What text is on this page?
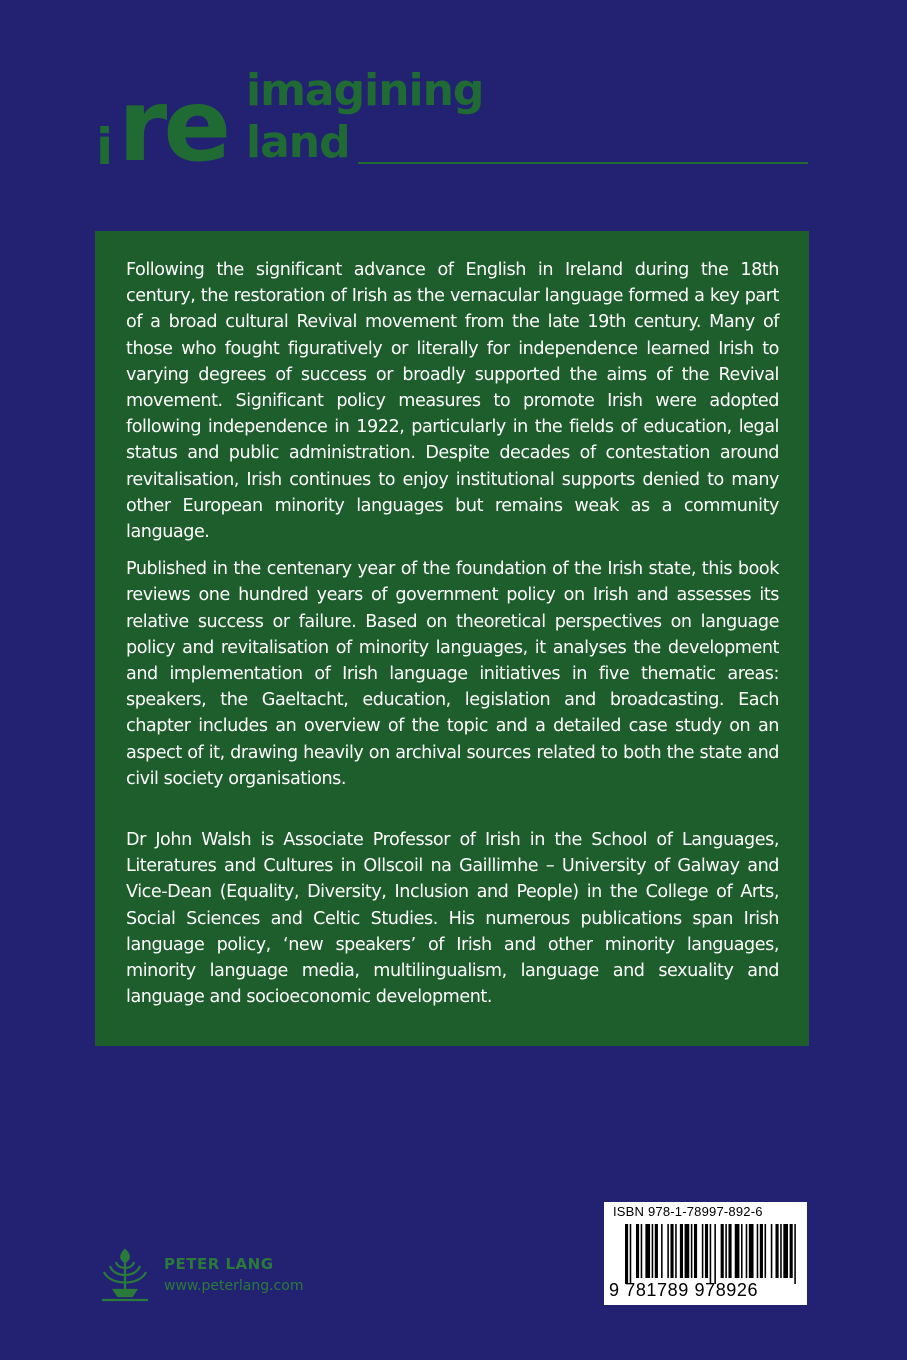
i re imagining
land

Following the significant advance of English in Ireland during the 18th century, the restoration of Irish as the vernacular language formed a key part of a broad cultural Revival movement from the late 19th century. Many of those who fought figuratively or literally for independence learned Irish to varying degrees of success or broadly supported the aims of the Revival movement. Significant policy measures to promote Irish were adopted following independence in 1922, particularly in the fields of education, legal status and public administration. Despite decades of contestation around revitalisation, Irish continues to enjoy institutional supports denied to many other European minority languages but remains weak as a community language.

Published in the centenary year of the foundation of the Irish state, this book reviews one hundred years of government policy on Irish and assesses its relative success or failure. Based on theoretical perspectives on language policy and revitalisation of minority languages, it analyses the development and implementation of Irish language initiatives in five thematic areas: speakers, the Gaeltacht, education, legislation and broadcasting. Each chapter includes an overview of the topic and a detailed case study on an aspect of it, drawing heavily on archival sources related to both the state and civil society organisations.

Dr John Walsh is Associate Professor of Irish in the School of Languages, Literatures and Cultures in Ollscoil na Gaillimhe – University of Galway and Vice-Dean (Equality, Diversity, Inclusion and People) in the College of Arts, Social Sciences and Celtic Studies. His numerous publications span Irish language policy, ‘new speakers’ of Irish and other minority languages, minority language media, multilingualism, language and sexuality and language and socioeconomic development.

PETER LANG
www.peterlang.com
ISBN 978-1-78997-892-6
9 781789 978926
